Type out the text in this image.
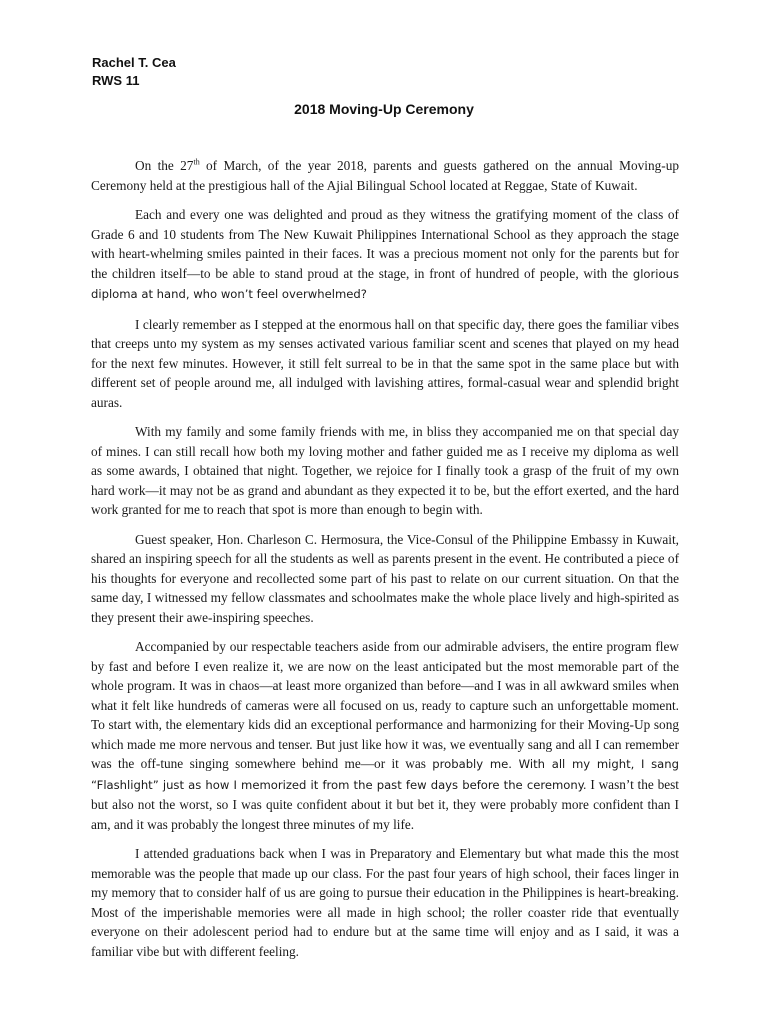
Rachel T. Cea
RWS 11
2018 Moving-Up Ceremony

On the 27th of March, of the year 2018, parents and guests gathered on the annual Moving-up Ceremony held at the prestigious hall of the Ajial Bilingual School located at Reggae, State of Kuwait.

Each and every one was delighted and proud as they witness the gratifying moment of the class of Grade 6 and 10 students from The New Kuwait Philippines International School as they approach the stage with heart-whelming smiles painted in their faces. It was a precious moment not only for the parents but for the children itself—to be able to stand proud at the stage, in front of hundred of people, with the glorious diploma at hand, who won’t feel overwhelmed?

I clearly remember as I stepped at the enormous hall on that specific day, there goes the familiar vibes that creeps unto my system as my senses activated various familiar scent and scenes that played on my head for the next few minutes. However, it still felt surreal to be in that the same spot in the same place but with different set of people around me, all indulged with lavishing attires, formal-casual wear and splendid bright auras.

With my family and some family friends with me, in bliss they accompanied me on that special day of mines. I can still recall how both my loving mother and father guided me as I receive my diploma as well as some awards, I obtained that night. Together, we rejoice for I finally took a grasp of the fruit of my own hard work—it may not be as grand and abundant as they expected it to be, but the effort exerted, and the hard work granted for me to reach that spot is more than enough to begin with.

Guest speaker, Hon. Charleson C. Hermosura, the Vice-Consul of the Philippine Embassy in Kuwait, shared an inspiring speech for all the students as well as parents present in the event. He contributed a piece of his thoughts for everyone and recollected some part of his past to relate on our current situation. On that the same day, I witnessed my fellow classmates and schoolmates make the whole place lively and high-spirited as they present their awe-inspiring speeches.

Accompanied by our respectable teachers aside from our admirable advisers, the entire program flew by fast and before I even realize it, we are now on the least anticipated but the most memorable part of the whole program. It was in chaos—at least more organized than before—and I was in all awkward smiles when what it felt like hundreds of cameras were all focused on us, ready to capture such an unforgettable moment. To start with, the elementary kids did an exceptional performance and harmonizing for their Moving-Up song which made me more nervous and tenser. But just like how it was, we eventually sang and all I can remember was the off-tune singing somewhere behind me—or it was probably me. With all my might, I sang “Flashlight” just as how I memorized it from the past few days before the ceremony. I wasn’t the best but also not the worst, so I was quite confident about it but bet it, they were probably more confident than I am, and it was probably the longest three minutes of my life.

I attended graduations back when I was in Preparatory and Elementary but what made this the most memorable was the people that made up our class. For the past four years of high school, their faces linger in my memory that to consider half of us are going to pursue their education in the Philippines is heart-breaking. Most of the imperishable memories were all made in high school; the roller coaster ride that eventually everyone on their adolescent period had to endure but at the same time will enjoy and as I said, it was a familiar vibe but with different feeling.
